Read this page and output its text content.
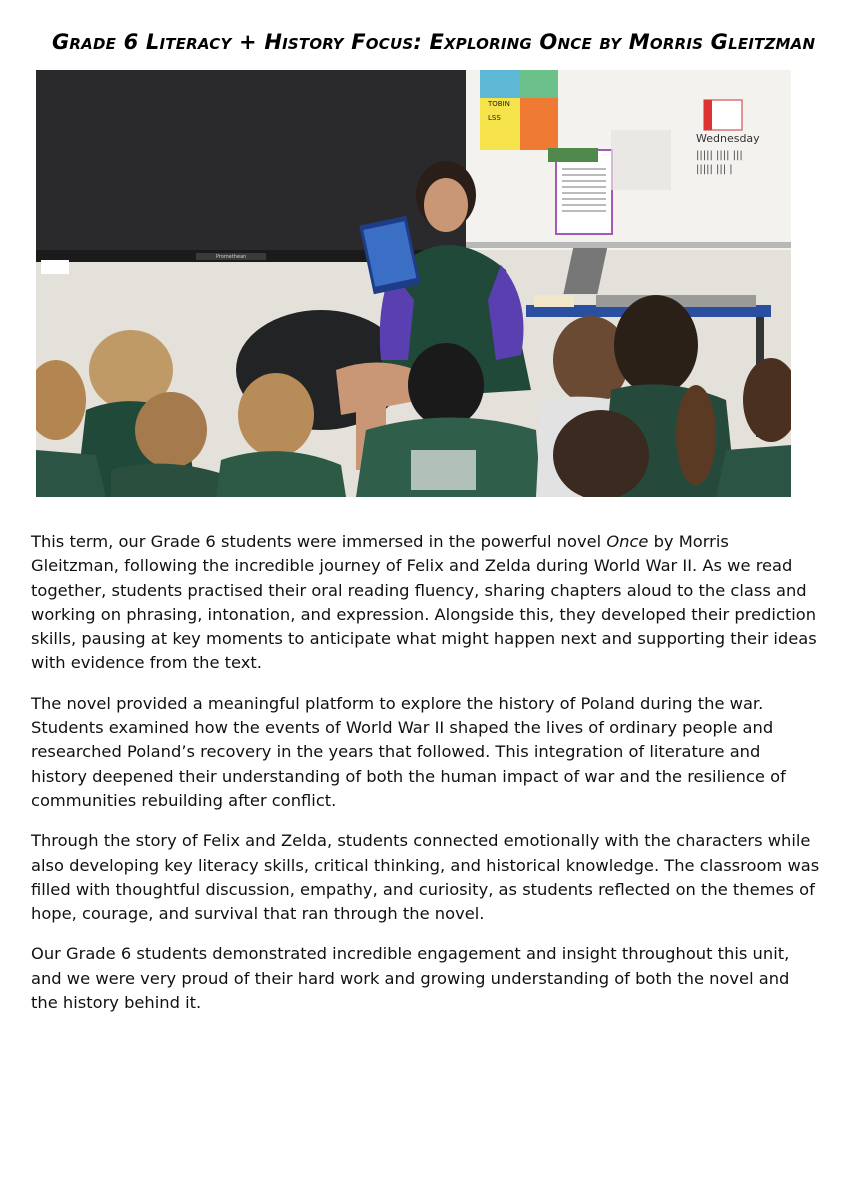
Grade 6 Literacy + History Focus: Exploring Once by Morris Gleitzman
Promethean
TOBIN
LSS
Wednesday
||||| |||| |||
||||| ||| |

This term, our Grade 6 students were immersed in the powerful novel Once by Morris Gleitzman, following the incredible journey of Felix and Zelda during World War II. As we read together, students practised their oral reading fluency, sharing chapters aloud to the class and working on phrasing, intonation, and expression. Alongside this, they developed their prediction skills, pausing at key moments to anticipate what might happen next and supporting their ideas with evidence from the text.

The novel provided a meaningful platform to explore the history of Poland during the war. Students examined how the events of World War II shaped the lives of ordinary people and researched Poland’s recovery in the years that followed. This integration of literature and history deepened their understanding of both the human impact of war and the resilience of communities rebuilding after conflict.

Through the story of Felix and Zelda, students connected emotionally with the characters while also developing key literacy skills, critical thinking, and historical knowledge. The classroom was filled with thoughtful discussion, empathy, and curiosity, as students reflected on the themes of hope, courage, and survival that ran through the novel.

Our Grade 6 students demonstrated incredible engagement and insight throughout this unit, and we were very proud of their hard work and growing understanding of both the novel and the history behind it.
